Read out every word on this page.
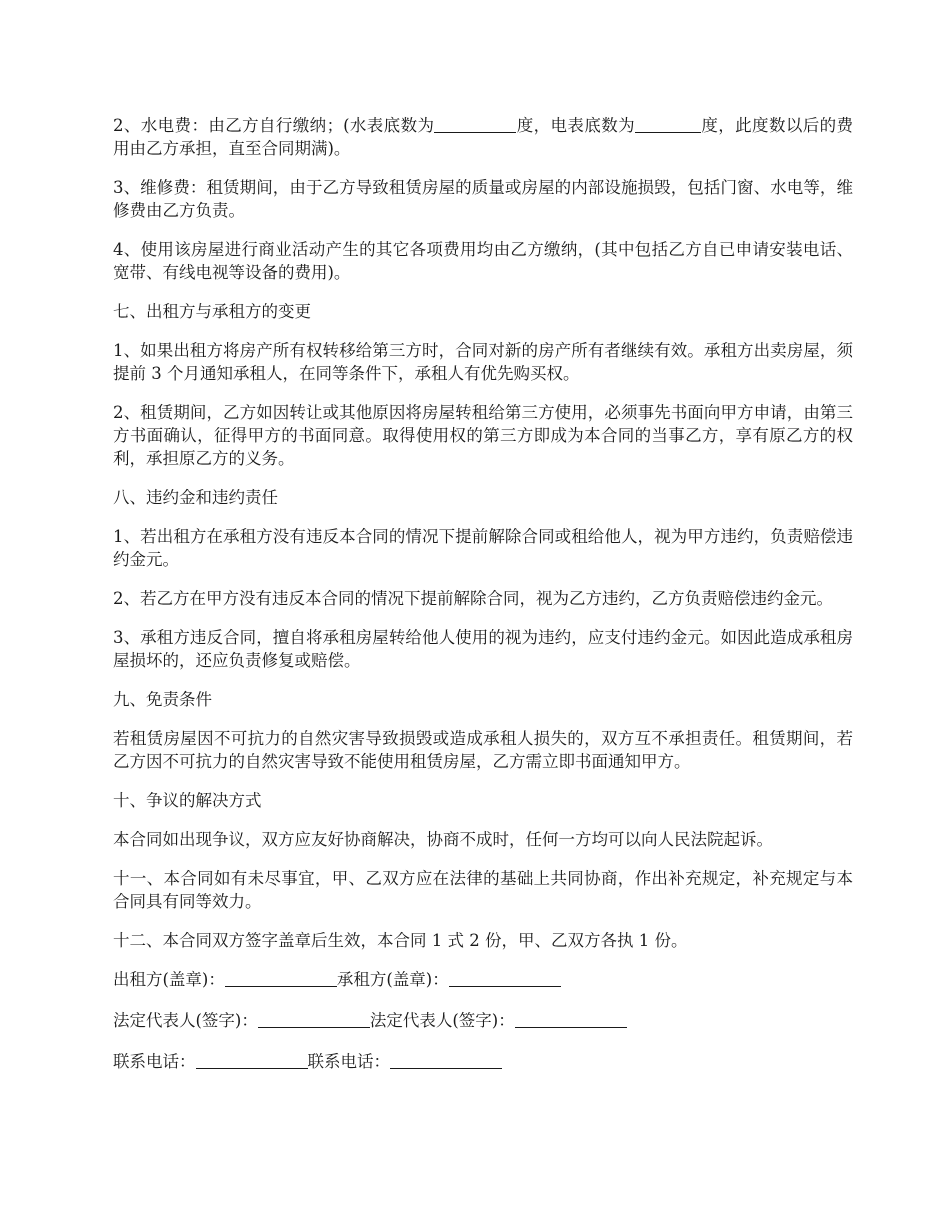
2、水电费：由乙方自行缴纳；(水表底数为	度，电表底数为	度，此度数以后的费用由乙方承担，直至合同期满)。

3、维修费：租赁期间，由于乙方导致租赁房屋的质量或房屋的内部设施损毁，包括门窗、水电等，维修费由乙方负责。

4、使用该房屋进行商业活动产生的其它各项费用均由乙方缴纳，(其中包括乙方自已申请安装电话、宽带、有线电视等设备的费用)。

七、出租方与承租方的变更

1、如果出租方将房产所有权转移给第三方时，合同对新的房产所有者继续有效。承租方出卖房屋，须提前 3 个月通知承租人，在同等条件下，承租人有优先购买权。

2、租赁期间，乙方如因转让或其他原因将房屋转租给第三方使用，必须事先书面向甲方申请，由第三方书面确认，征得甲方的书面同意。取得使用权的第三方即成为本合同的当事乙方，享有原乙方的权利，承担原乙方的义务。

八、违约金和违约责任

1、若出租方在承租方没有违反本合同的情况下提前解除合同或租给他人，视为甲方违约，负责赔偿违约金元。

2、若乙方在甲方没有违反本合同的情况下提前解除合同，视为乙方违约，乙方负责赔偿违约金元。

3、承租方违反合同，擅自将承租房屋转给他人使用的视为违约，应支付违约金元。如因此造成承租房屋损坏的，还应负责修复或赔偿。

九、免责条件

若租赁房屋因不可抗力的自然灾害导致损毁或造成承租人损失的，双方互不承担责任。租赁期间，若乙方因不可抗力的自然灾害导致不能使用租赁房屋，乙方需立即书面通知甲方。

十、争议的解决方式

本合同如出现争议，双方应友好协商解决，协商不成时，任何一方均可以向人民法院起诉。

十一、本合同如有未尽事宜，甲、乙双方应在法律的基础上共同协商，作出补充规定，补充规定与本合同具有同等效力。

十二、本合同双方签字盖章后生效，本合同 1 式 2 份，甲、乙双方各执 1 份。

出租方(盖章)：	承租方(盖章)：
法定代表人(签字)：	法定代表人(签字)：
联系电话：	联系电话：
